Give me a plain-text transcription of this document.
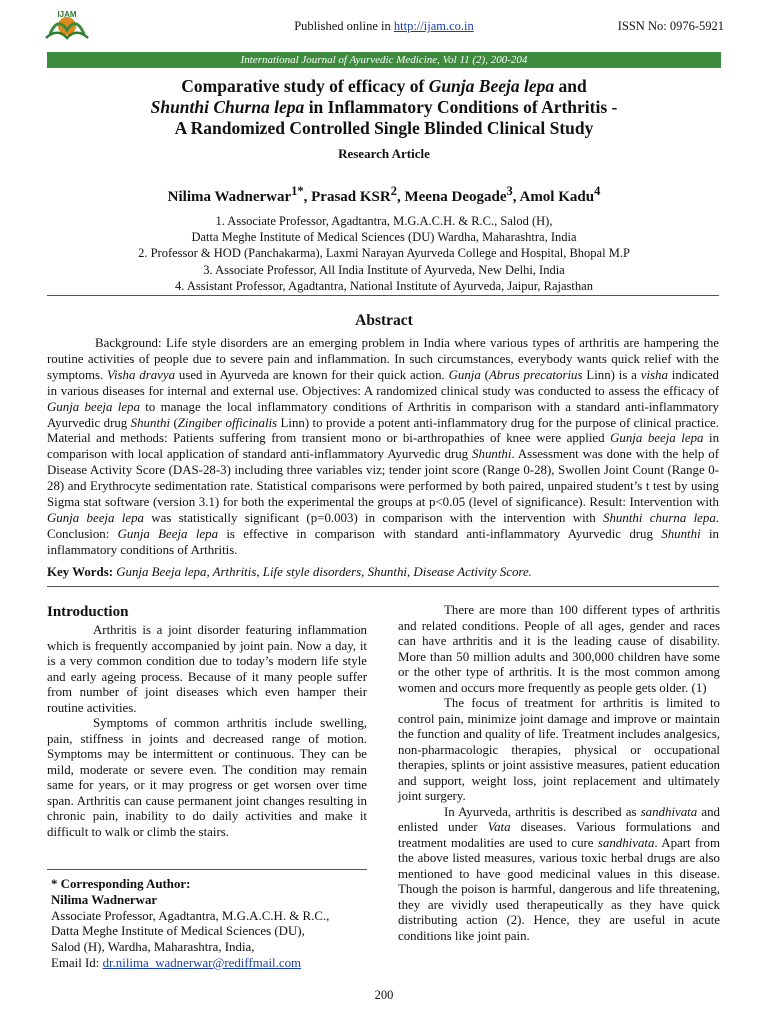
IJAM
Published online in http://ijam.co.in	ISSN No: 0976-5921
International Journal of Ayurvedic Medicine, Vol 11 (2), 200-204
Comparative study of efficacy of Gunja Beeja lepa and
Shunthi Churna lepa in Inflammatory Conditions of Arthritis -
A Randomized Controlled Single Blinded Clinical Study
Research Article
Nilima Wadnerwar$^{1*}$, Prasad KSR$^2$, Meena Deogade$^3$, Amol Kadu$^4$
1. Associate Professor, Agadtantra, M.G.A.C.H. & R.C., Salod (H),
Datta Meghe Institute of Medical Sciences (DU) Wardha, Maharashtra, India
2. Professor & HOD (Panchakarma), Laxmi Narayan Ayurveda College and Hospital, Bhopal M.P
3. Associate Professor, All India Institute of Ayurveda, New Delhi, India
4. Assistant Professor, Agadtantra, National Institute of Ayurveda, Jaipur, Rajasthan
Abstract
Background: Life style disorders are an emerging problem in India where various types of arthritis are hampering the routine activities of people due to severe pain and inflammation. In such circumstances, everybody wants quick relief with the symptoms. Visha dravya used in Ayurveda are known for their quick action. Gunja (Abrus precatorius Linn) is a visha indicated in various diseases for internal and external use. Objectives: A randomized clinical study was conducted to assess the efficacy of Gunja beeja lepa to manage the local inflammatory conditions of Arthritis in comparison with a standard anti-inflammatory Ayurvedic drug Shunthi (Zingiber officinalis Linn) to provide a potent anti-inflammatory drug for the purpose of clinical practice. Material and methods: Patients suffering from transient mono or bi-arthropathies of knee were applied Gunja beeja lepa in comparison with local application of standard anti-inflammatory Ayurvedic drug Shunthi. Assessment was done with the help of Disease Activity Score (DAS-28-3) including three variables viz; tender joint score (Range 0-28), Swollen Joint Count (Range 0-28) and Erythrocyte sedimentation rate. Statistical comparisons were performed by both paired, unpaired student’s t test by using Sigma stat software (version 3.1) for both the experimental the groups at p<0.05 (level of significance). Result: Intervention with Gunja beeja lepa was statistically significant (p=0.003) in comparison with the intervention with Shunthi churna lepa. Conclusion: Gunja Beeja lepa is effective in comparison with standard anti-inflammatory Ayurvedic drug Shunthi in inflammatory conditions of Arthritis.
Key Words: Gunja Beeja lepa, Arthritis, Life style disorders, Shunthi, Disease Activity Score.
Introduction

Arthritis is a joint disorder featuring inflammation which is frequently accompanied by joint pain. Now a day, it is a very common condition due to today’s modern life style and early ageing process. Because of it many people suffer from number of joint diseases which even hamper their routine activities.

Symptoms of common arthritis include swelling, pain, stiffness in joints and decreased range of motion. Symptoms may be intermittent or continuous. They can be mild, moderate or severe even. The condition may remain same for years, or it may progress or get worsen over time span. Arthritis can cause permanent joint changes resulting in chronic pain, inability to do daily activities and make it difficult to walk or climb the stairs.

There are more than 100 different types of arthritis and related conditions. People of all ages, gender and races can have arthritis and it is the leading cause of disability. More than 50 million adults and 300,000 children have some or the other type of arthritis. It is the most common among women and occurs more frequently as people gets older. (1)

The focus of treatment for arthritis is limited to control pain, minimize joint damage and improve or maintain the function and quality of life. Treatment includes analgesics, non-pharmacologic therapies, physical or occupational therapies, splints or joint assistive measures, patient education and support, weight loss, joint replacement and ultimately joint surgery.

In Ayurveda, arthritis is described as sandhivata and enlisted under Vata diseases. Various formulations and treatment modalities are used to cure sandhivata. Apart from the above listed measures, various toxic herbal drugs are also mentioned to have good medicinal values in this disease. Though the poison is harmful, dangerous and life threatening, they are vividly used therapeutically as they have quick distributing action (2). Hence, they are useful in acute conditions like joint pain.

* Corresponding Author:
Nilima Wadnerwar
Associate Professor, Agadtantra, M.G.A.C.H. & R.C.,
Datta Meghe Institute of Medical Sciences (DU),
Salod (H), Wardha, Maharashtra, India,
Email Id: dr.nilima_wadnerwar@rediffmail.com
200
